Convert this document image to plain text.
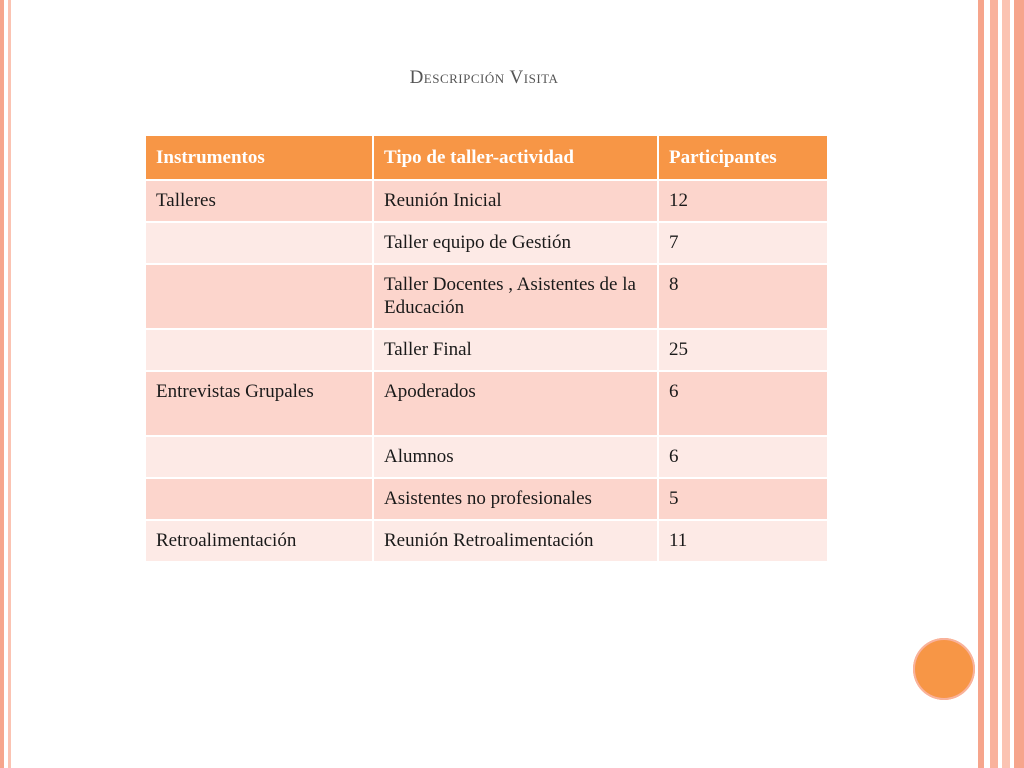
Descripción Visita
Instrumentos	Tipo de taller-actividad	Participantes
Talleres	Reunión Inicial	12
	Taller equipo de Gestión	7
	Taller Docentes , Asistentes de la Educación	8
	Taller Final	25
Entrevistas Grupales	Apoderados	6
	Alumnos	6
	Asistentes no profesionales	5
Retroalimentación	Reunión Retroalimentación	11
